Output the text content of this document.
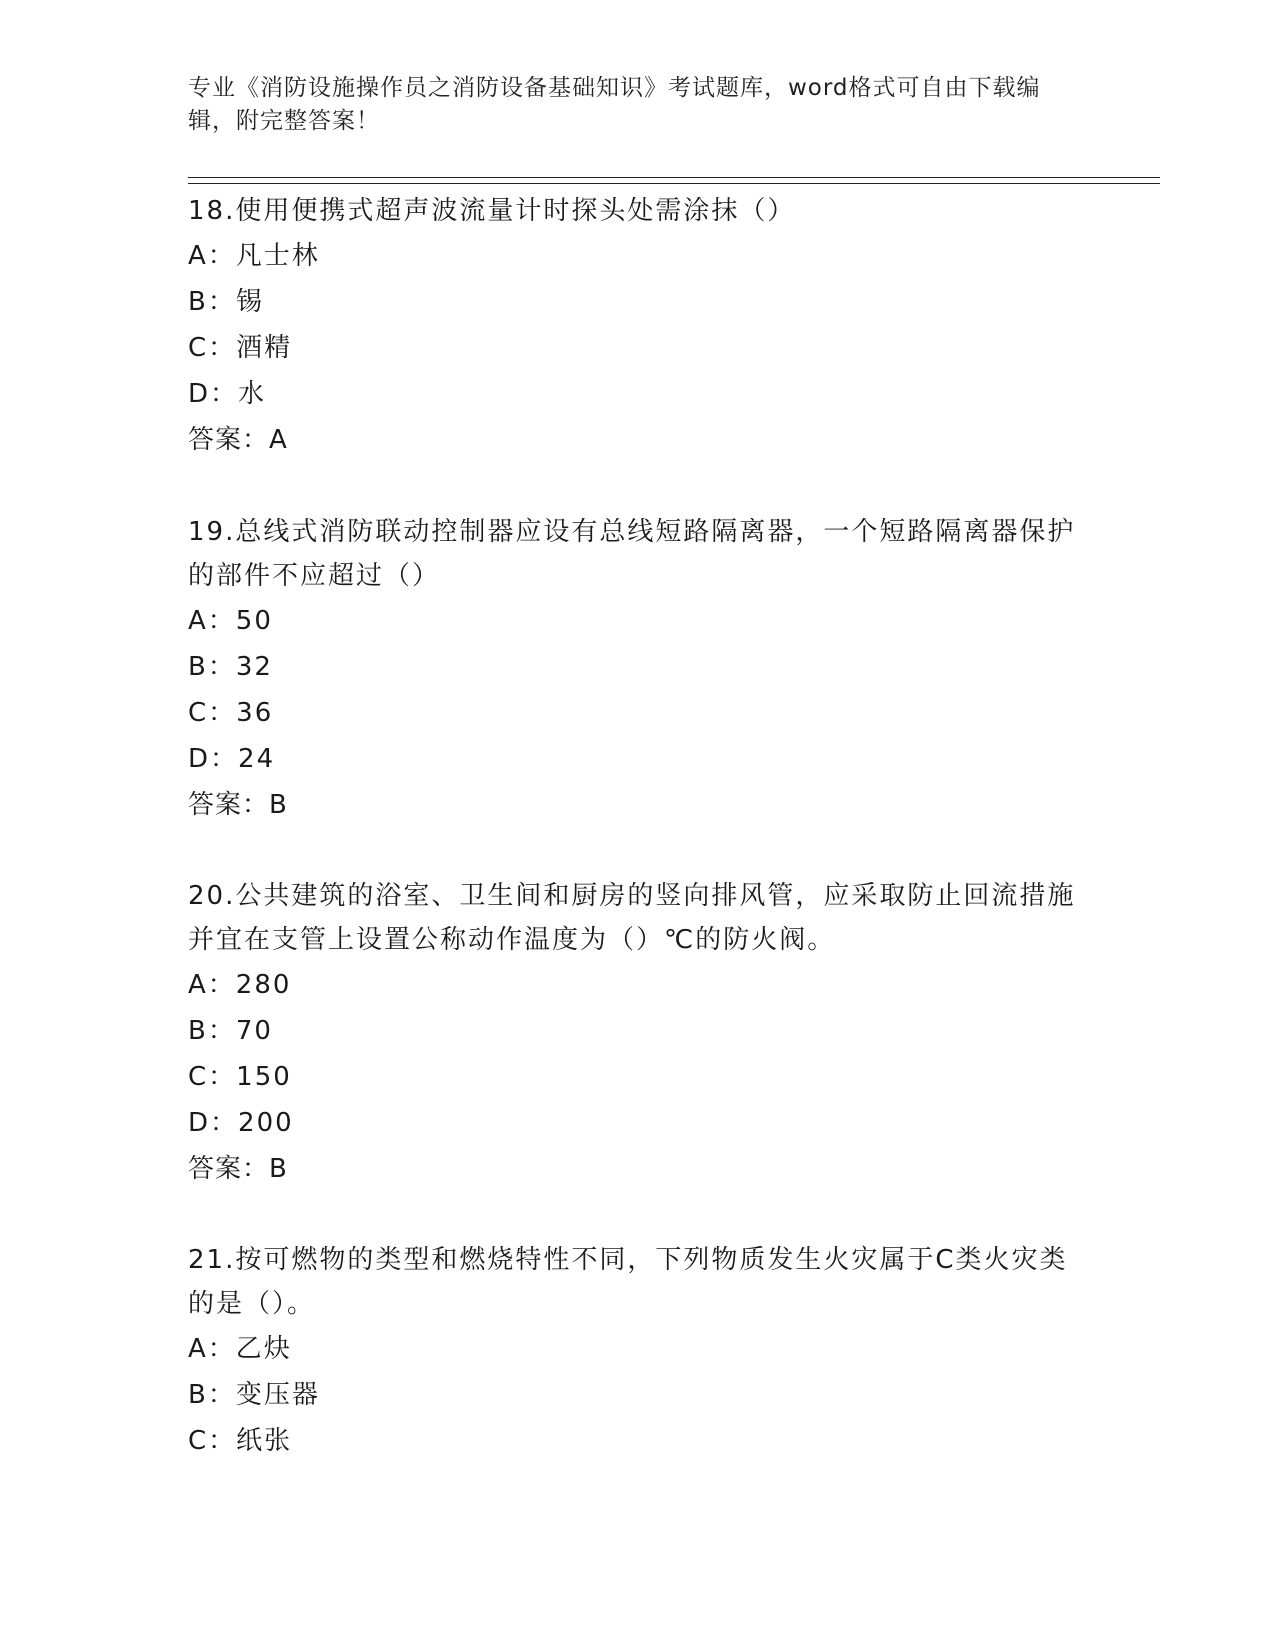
专业《消防设施操作员之消防设备基础知识》考试题库，word格式可自由下载编辑，附完整答案！
18.使用便携式超声波流量计时探头处需涂抹（）
A：凡士林
B：锡
C：酒精
D：水
答案：A
19.总线式消防联动控制器应设有总线短路隔离器，一个短路隔离器保护的部件不应超过（）
A：50
B：32
C：36
D：24
答案：B
20.公共建筑的浴室、卫生间和厨房的竖向排风管，应采取防止回流措施并宜在支管上设置公称动作温度为（）℃的防火阀。
A：280
B：70
C：150
D：200
答案：B
21.按可燃物的类型和燃烧特性不同，下列物质发生火灾属于C类火灾类的是（）。
A：乙炔
B：变压器
C：纸张
